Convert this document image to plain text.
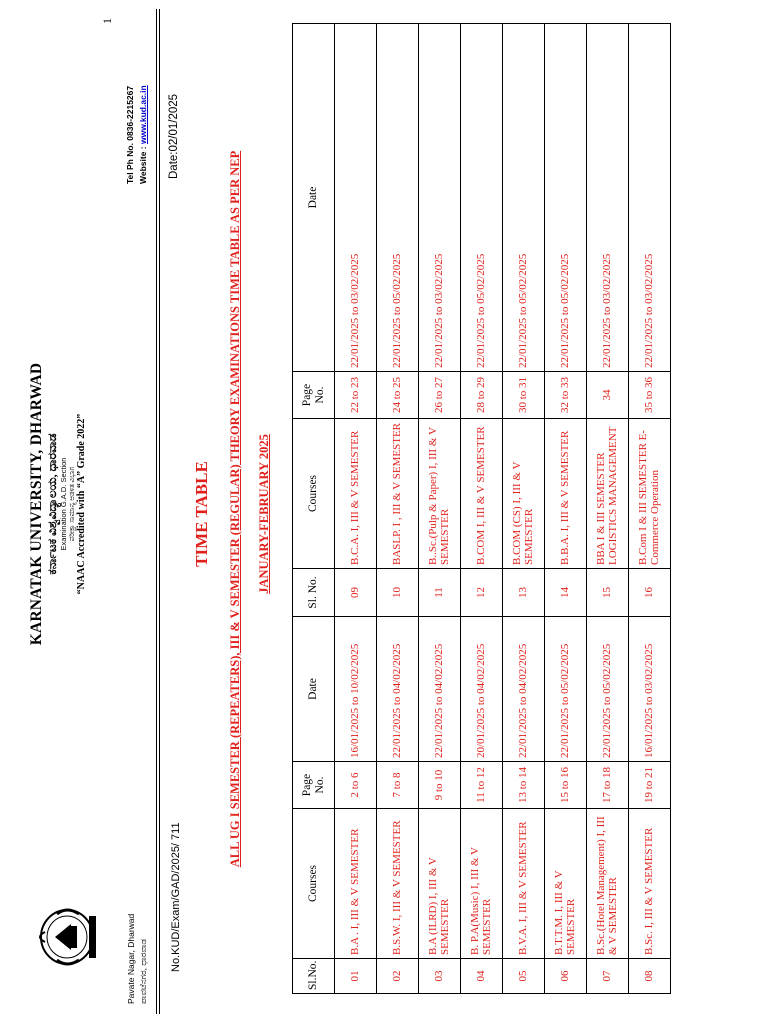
Pavate Nagar, Dharwad ಪಾವಟೆನಗರ, ಧಾರವಾಡ
KARNATAK UNIVERSITY, DHARWAD ಕರ್ನಾಟಕ ವಿಶ್ವವಿದ್ಯಾಲಯ, ಧಾರವಾಡ Examination G.A.D. Section ಪರೀಕ್ಷಾ ಸಾಮಾನ್ಯ ಆಡಳಿತ ವಿಭಾಗ “NAAC Accredited with “A” Grade 2022”
Tel Ph No. 0836-2215267 Website : www.kud.ac.in
1
No.KUD/Exam/GAD/2025/ 711
Date:02/01/2025
TIME TABLE ALL UG I SEMESTER (REPEATERS), III & V SEMESTER (REGULAR) THEORY EXAMINATIONS TIME TABLE AS PER NEP JANUARY-FEBRUARY 2025
Sl.No.	Courses	Page No.	Date	Sl. No.	Courses	Page No.	Date
01	B.A . I, III & V SEMESTER	2 to 6	16/01/2025 to 10/02/2025	09	B.C.A. I, III & V SEMESTER	22 to 23	22/01/2025 to 03/02/2025
02	B.S.W. I, III & V SEMESTER	7 to 8	22/01/2025 to 04/02/2025	10	BASLP. I , III & V SEMESTER	24 to 25	22/01/2025 to 05/02/2025
03	B.A (ILRD) I, III & V SEMESTER	9 to 10	22/01/2025 to 04/02/2025	11	B..Sc.(Pulp & Paper) I, III & V SEMESTER	26 to 27	22/01/2025 to 03/02/2025
04	B. P.A(Music) I, III & V SEMESTER	11 to 12	20/01/2025 to 04/02/2025	12	B.COM I, III & V SEMESTER	28 to 29	22/01/2025 to 05/02/2025
05	B.V.A. I, III & V SEMESTER	13 to 14	22/01/2025 to 04/02/2025	13	B.COM (CS) I, III & V SEMESTER	30 to 31	22/01/2025 to 05/02/2025
06	B.T.T.M. I, III & V SEMESTER	15 to 16	22/01/2025 to 05/02/2025	14	B.B.A. I, III & V SEMESTER	32 to 33	22/01/2025 to 05/02/2025
07	B.Sc.(Hotel Management) I, III & V SEMESTER	17 to 18	22/01/2025 to 05/02/2025	15	BBA I & III SEMESTER LOGISTICS MANAGEMENT	34	22/01/2025 to 03/02/2025
08	B.Sc. I, III & V SEMESTER	19 to 21	16/01/2025 to 03/02/2025	16	B.Com I & III SEMESTER E-Commerce Operation	35 to 36	22/01/2025 to 03/02/2025
